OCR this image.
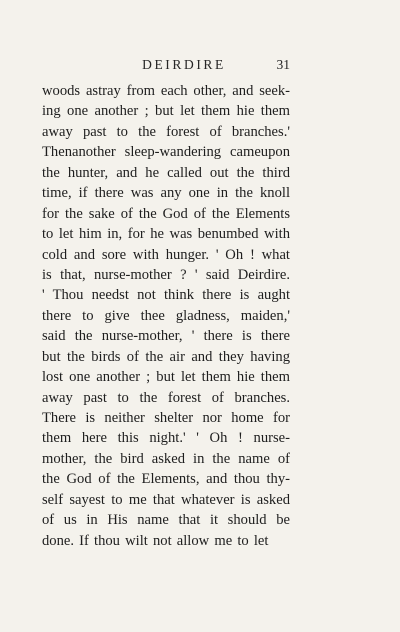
DEIRDIRE	31
woods astray from each other, and seek-
ing one another ; but let them hie them
away past to the forest of branches.'
Thenanother sleep-wandering cameupon
the hunter, and he called out the third
time, if there was any one in the knoll
for the sake of the God of the Elements
to let him in, for he was benumbed with
cold and sore with hunger. ' Oh ! what
is that, nurse-mother ? ' said Deirdire.
' Thou needst not think there is aught
there to give thee gladness, maiden,'
said the nurse-mother, ' there is there
but the birds of the air and they having
lost one another ; but let them hie them
away past to the forest of branches.
There is neither shelter nor home for
them here this night.' ' Oh ! nurse-
mother, the bird asked in the name of
the God of the Elements, and thou thy-
self sayest to me that whatever is asked
of us in His name that it should be
done. If thou wilt not allow me to let
